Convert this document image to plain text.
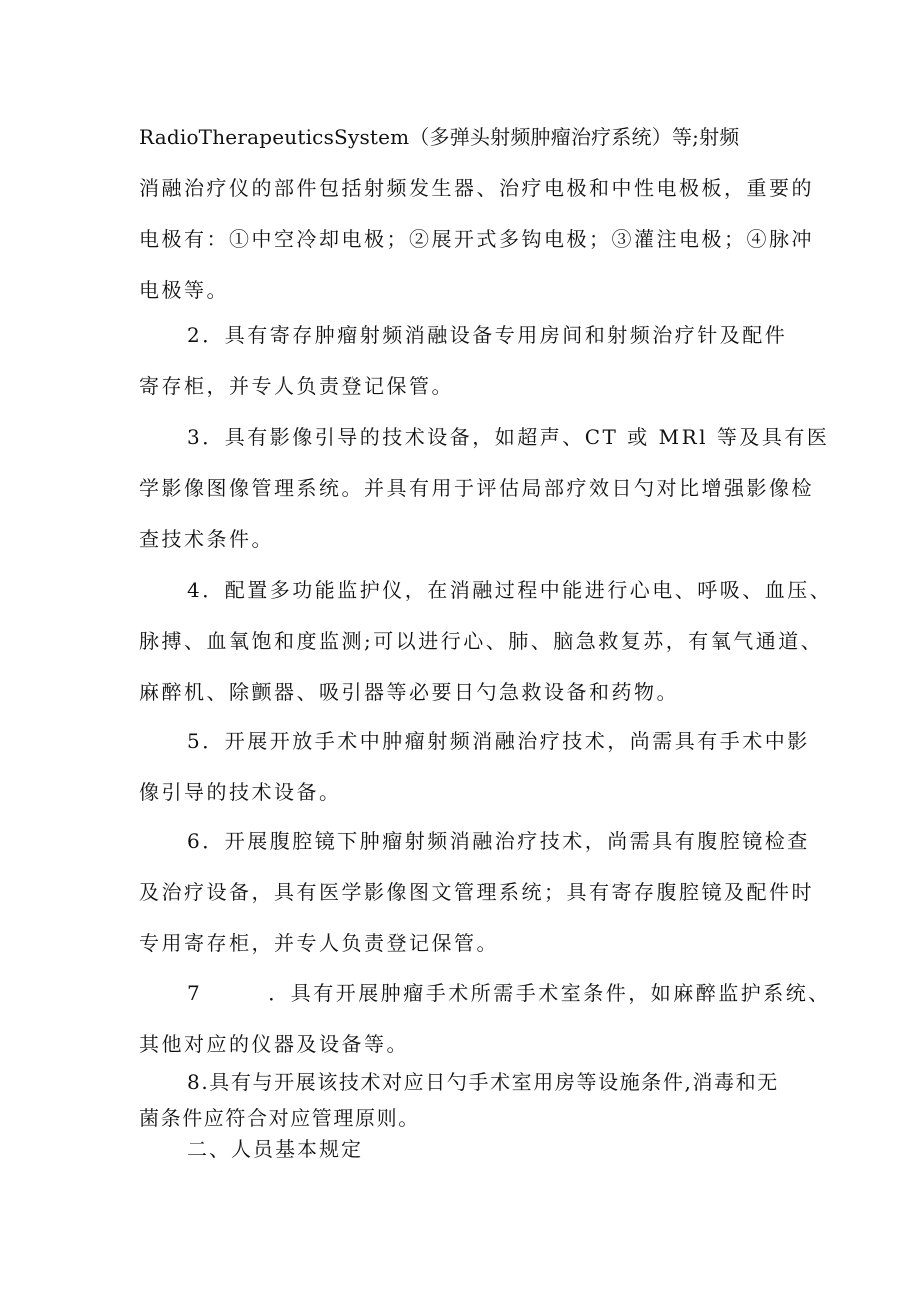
RadioTherapeuticsSystem（多弹头射频肿瘤治疗系统）等;射频
消融治疗仪的部件包括射频发生器、治疗电极和中性电极板，重要的
电极有：①中空冷却电极；②展开式多钩电极；③灌注电极；④脉冲
电极等。
2．具有寄存肿瘤射频消融设备专用房间和射频治疗针及配件
寄存柜，并专人负责登记保管。
3．具有影像引导的技术设备，如超声、CT 或 MRl 等及具有医
学影像图像管理系统。并具有用于评估局部疗效日勺对比增强影像检
查技术条件。
4．配置多功能监护仪，在消融过程中能进行心电、呼吸、血压、
脉搏、血氧饱和度监测;可以进行心、肺、脑急救复苏，有氧气通道、
麻醉机、除颤器、吸引器等必要日勺急救设备和药物。
5．开展开放手术中肿瘤射频消融治疗技术，尚需具有手术中影
像引导的技术设备。
6．开展腹腔镜下肿瘤射频消融治疗技术，尚需具有腹腔镜检查
及治疗设备，具有医学影像图文管理系统；具有寄存腹腔镜及配件时
专用寄存柜，并专人负责登记保管。
7	．具有开展肿瘤手术所需手术室条件，如麻醉监护系统、
其他对应的仪器及设备等。
8.具有与开展该技术对应日勺手术室用房等设施条件,消毒和无
菌条件应符合对应管理原则。
二、人员基本规定
